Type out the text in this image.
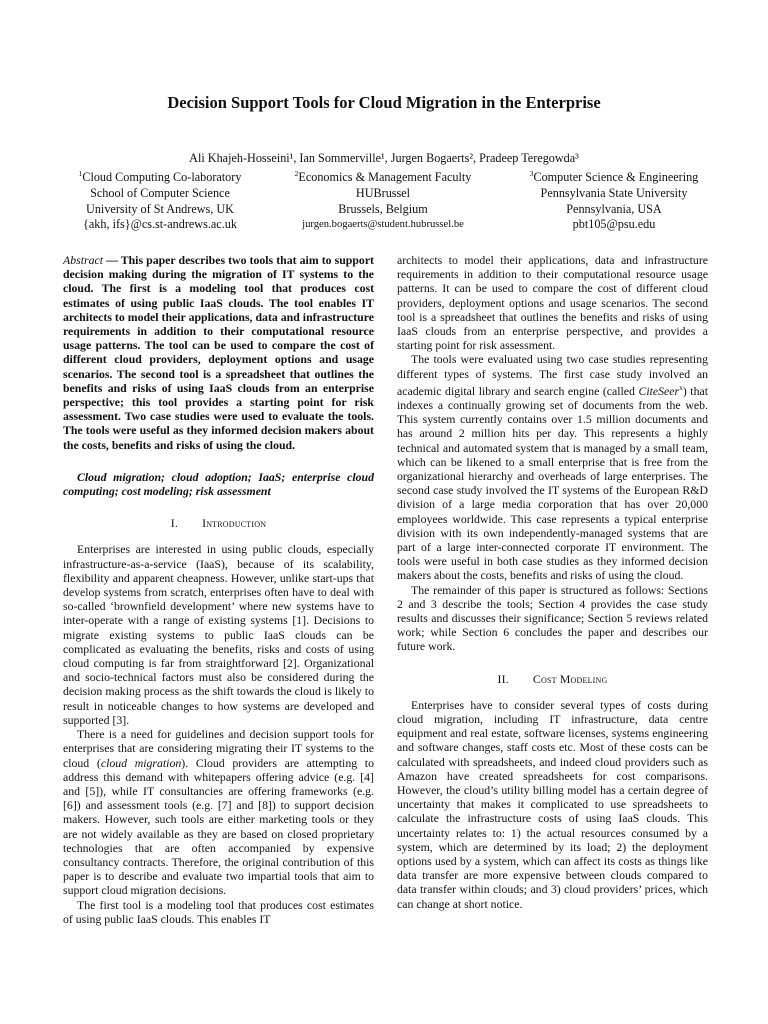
Decision Support Tools for Cloud Migration in the Enterprise
Ali Khajeh-Hosseini¹, Ian Sommerville¹, Jurgen Bogaerts², Pradeep Teregowda³
$^1$Cloud Computing Co-laboratory
School of Computer Science
University of St Andrews, UK
{akh, ifs}@cs.st-andrews.ac.uk
$^2$Economics & Management Faculty
HUBrussel
Brussels, Belgium
jurgen.bogaerts@student.hubrussel.be
$^3$Computer Science & Engineering
Pennsylvania State University
Pennsylvania, USA
pbt105@psu.edu

Abstract — This paper describes two tools that aim to support decision making during the migration of IT systems to the cloud. The first is a modeling tool that produces cost estimates of using public IaaS clouds. The tool enables IT architects to model their applications, data and infrastructure requirements in addition to their computational resource usage patterns. The tool can be used to compare the cost of different cloud providers, deployment options and usage scenarios. The second tool is a spreadsheet that outlines the benefits and risks of using IaaS clouds from an enterprise perspective; this tool provides a starting point for risk assessment. Two case studies were used to evaluate the tools. The tools were useful as they informed decision makers about the costs, benefits and risks of using the cloud.

Cloud migration; cloud adoption; IaaS; enterprise cloud computing; cost modeling; risk assessment

I. Introduction

Enterprises are interested in using public clouds, especially infrastructure-as-a-service (IaaS), because of its scalability, flexibility and apparent cheapness. However, unlike start-ups that develop systems from scratch, enterprises often have to deal with so-called ‘brownfield development’ where new systems have to inter-operate with a range of existing systems [1]. Decisions to migrate existing systems to public IaaS clouds can be complicated as evaluating the benefits, risks and costs of using cloud computing is far from straightforward [2]. Organizational and socio-technical factors must also be considered during the decision making process as the shift towards the cloud is likely to result in noticeable changes to how systems are developed and supported [3].

There is a need for guidelines and decision support tools for enterprises that are considering migrating their IT systems to the cloud (cloud migration). Cloud providers are attempting to address this demand with whitepapers offering advice (e.g. [4] and [5]), while IT consultancies are offering frameworks (e.g. [6]) and assessment tools (e.g. [7] and [8]) to support decision makers. However, such tools are either marketing tools or they are not widely available as they are based on closed proprietary technologies that are often accompanied by expensive consultancy contracts. Therefore, the original contribution of this paper is to describe and evaluate two impartial tools that aim to support cloud migration decisions.

The first tool is a modeling tool that produces cost estimates of using public IaaS clouds. This enables IT

architects to model their applications, data and infrastructure requirements in addition to their computational resource usage patterns. It can be used to compare the cost of different cloud providers, deployment options and usage scenarios. The second tool is a spreadsheet that outlines the benefits and risks of using IaaS clouds from an enterprise perspective, and provides a starting point for risk assessment.

The tools were evaluated using two case studies representing different types of systems. The first case study involved an academic digital library and search engine (called CiteSeer$^x$) that indexes a continually growing set of documents from the web. This system currently contains over 1.5 million documents and has around 2 million hits per day. This represents a highly technical and automated system that is managed by a small team, which can be likened to a small enterprise that is free from the organizational hierarchy and overheads of large enterprises. The second case study involved the IT systems of the European R&D division of a large media corporation that has over 20,000 employees worldwide. This case represents a typical enterprise division with its own independently-managed systems that are part of a large inter-connected corporate IT environment. The tools were useful in both case studies as they informed decision makers about the costs, benefits and risks of using the cloud.

The remainder of this paper is structured as follows: Sections 2 and 3 describe the tools; Section 4 provides the case study results and discusses their significance; Section 5 reviews related work; while Section 6 concludes the paper and describes our future work.

II. Cost Modeling

Enterprises have to consider several types of costs during cloud migration, including IT infrastructure, data centre equipment and real estate, software licenses, systems engineering and software changes, staff costs etc. Most of these costs can be calculated with spreadsheets, and indeed cloud providers such as Amazon have created spreadsheets for cost comparisons. However, the cloud’s utility billing model has a certain degree of uncertainty that makes it complicated to use spreadsheets to calculate the infrastructure costs of using IaaS clouds. This uncertainty relates to: 1) the actual resources consumed by a system, which are determined by its load; 2) the deployment options used by a system, which can affect its costs as things like data transfer are more expensive between clouds compared to data transfer within clouds; and 3) cloud providers’ prices, which can change at short notice.
